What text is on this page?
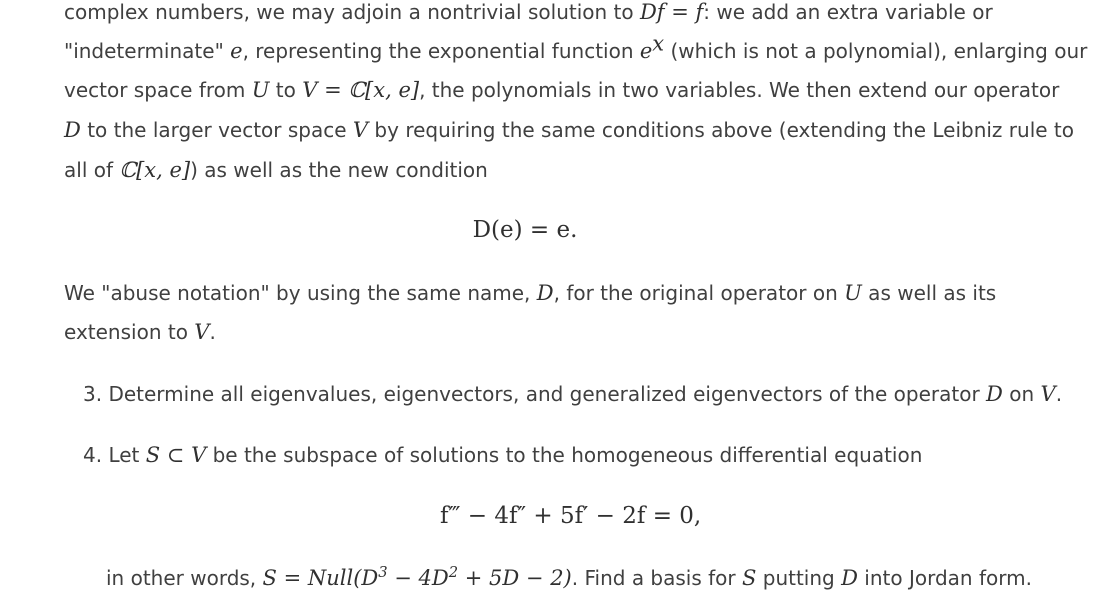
complex numbers, we may adjoin a nontrivial solution to Df = f: we add an extra variable or
"indeterminate" e, representing the exponential function $e^x$ (which is not a polynomial), enlarging our
vector space from U to V = ℂ[x, e], the polynomials in two variables. We then extend our operator
D to the larger vector space V by requiring the same conditions above (extending the Leibniz rule to
all of ℂ[x, e]) as well as the new condition
D(e) = e.
We "abuse notation" by using the same name, D, for the original operator on U as well as its
extension to V.
3. Determine all eigenvalues, eigenvectors, and generalized eigenvectors of the operator D on V.
4. Let S ⊂ V be the subspace of solutions to the homogeneous differential equation
f‴ − 4f″ + 5f′ − 2f = 0,
in other words, $S = Null(D^3 - 4D^2 + 5D - 2)$. Find a basis for S putting D into Jordan form.
